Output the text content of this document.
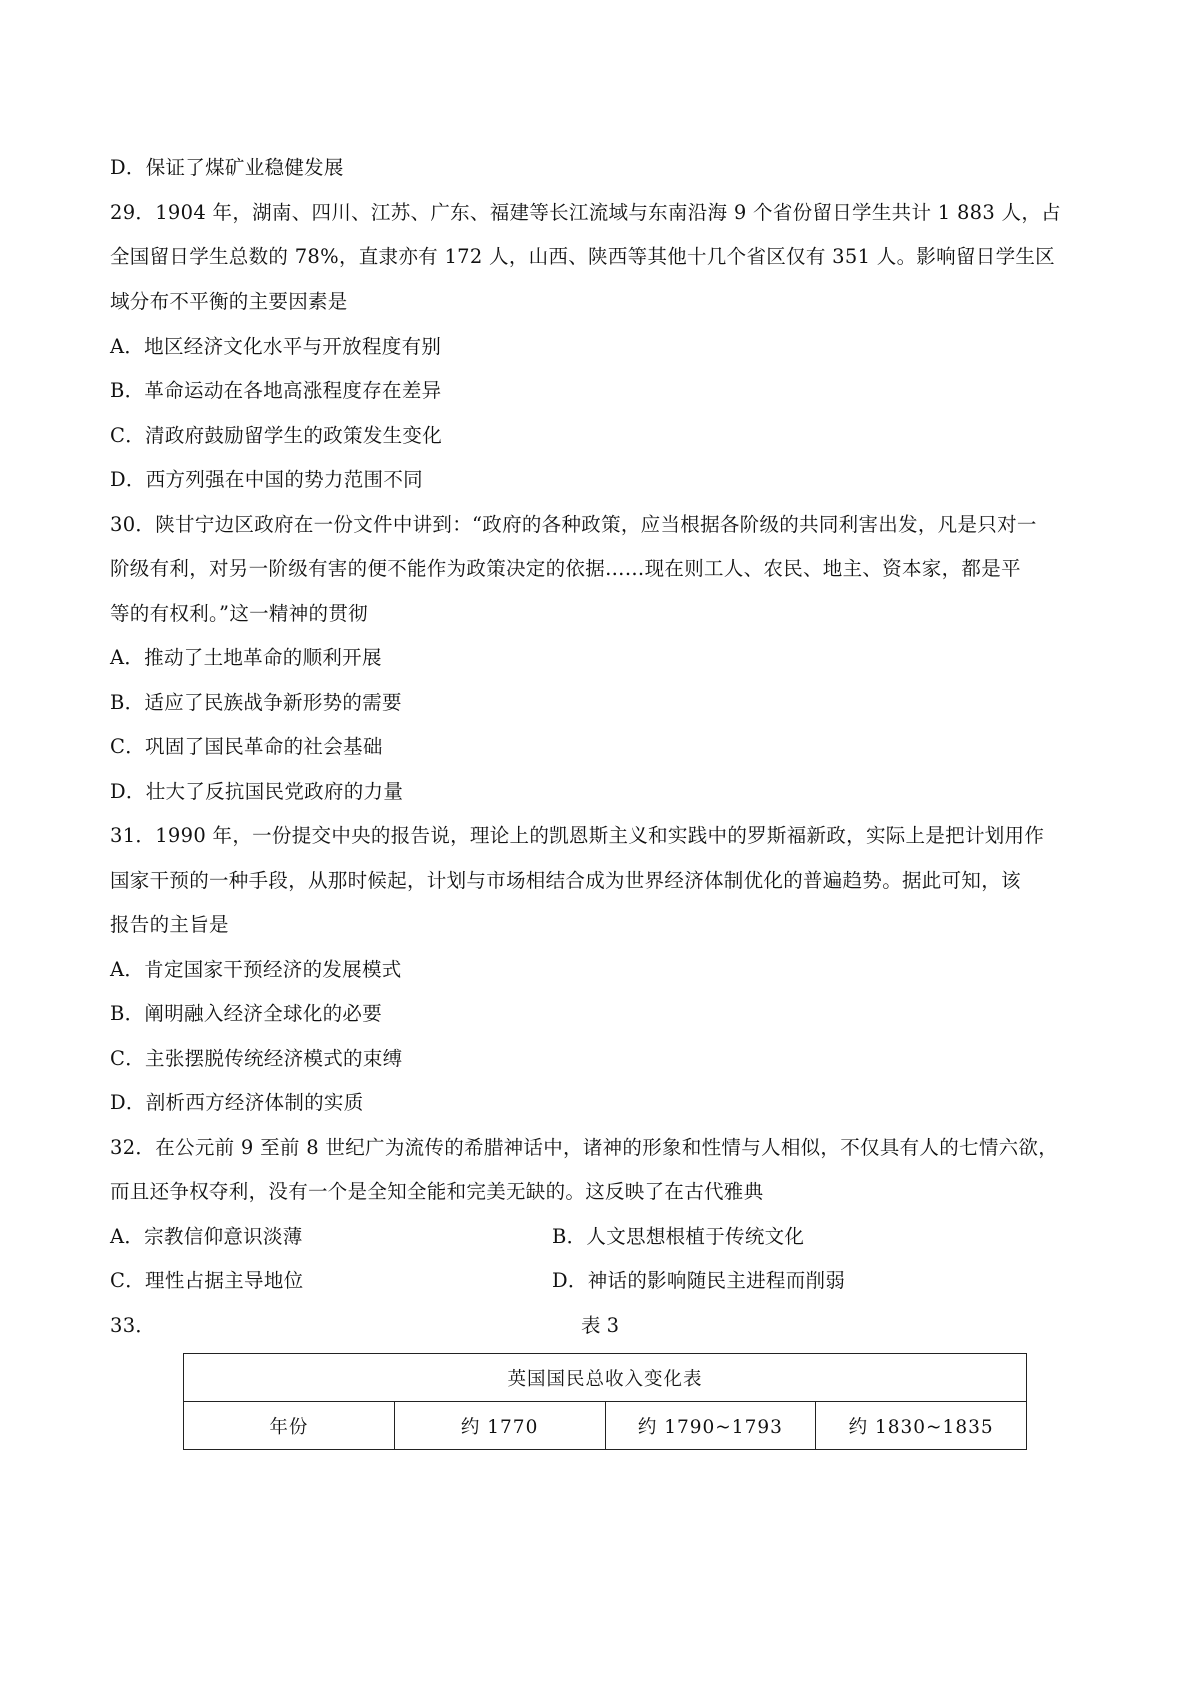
D．保证了煤矿业稳健发展
29．1904 年，湖南、四川、江苏、广东、福建等长江流域与东南沿海 9 个省份留日学生共计 1 883 人，占
全国留日学生总数的 78%，直隶亦有 172 人，山西、陕西等其他十几个省区仅有 351 人。影响留日学生区
域分布不平衡的主要因素是
A．地区经济文化水平与开放程度有别
B．革命运动在各地高涨程度存在差异
C．清政府鼓励留学生的政策发生变化
D．西方列强在中国的势力范围不同
30．陕甘宁边区政府在一份文件中讲到：“政府的各种政策，应当根据各阶级的共同利害出发，凡是只对一
阶级有利，对另一阶级有害的便不能作为政策决定的依据……现在则工人、农民、地主、资本家，都是平
等的有权利。”这一精神的贯彻
A．推动了土地革命的顺利开展
B．适应了民族战争新形势的需要
C．巩固了国民革命的社会基础
D．壮大了反抗国民党政府的力量
31．1990 年，一份提交中央的报告说，理论上的凯恩斯主义和实践中的罗斯福新政，实际上是把计划用作
国家干预的一种手段，从那时候起，计划与市场相结合成为世界经济体制优化的普遍趋势。据此可知，该
报告的主旨是
A．肯定国家干预经济的发展模式
B．阐明融入经济全球化的必要
C．主张摆脱传统经济模式的束缚
D．剖析西方经济体制的实质
32．在公元前 9 至前 8 世纪广为流传的希腊神话中，诸神的形象和性情与人相似，不仅具有人的七情六欲，
而且还争权夺利，没有一个是全知全能和完美无缺的。这反映了在古代雅典
A．宗教信仰意识淡薄	B．人文思想根植于传统文化
C．理性占据主导地位	D．神话的影响随民主进程而削弱
33．	表 3
英国国民总收入变化表
年份	约 1770	约 1790~1793	约 1830~1835
